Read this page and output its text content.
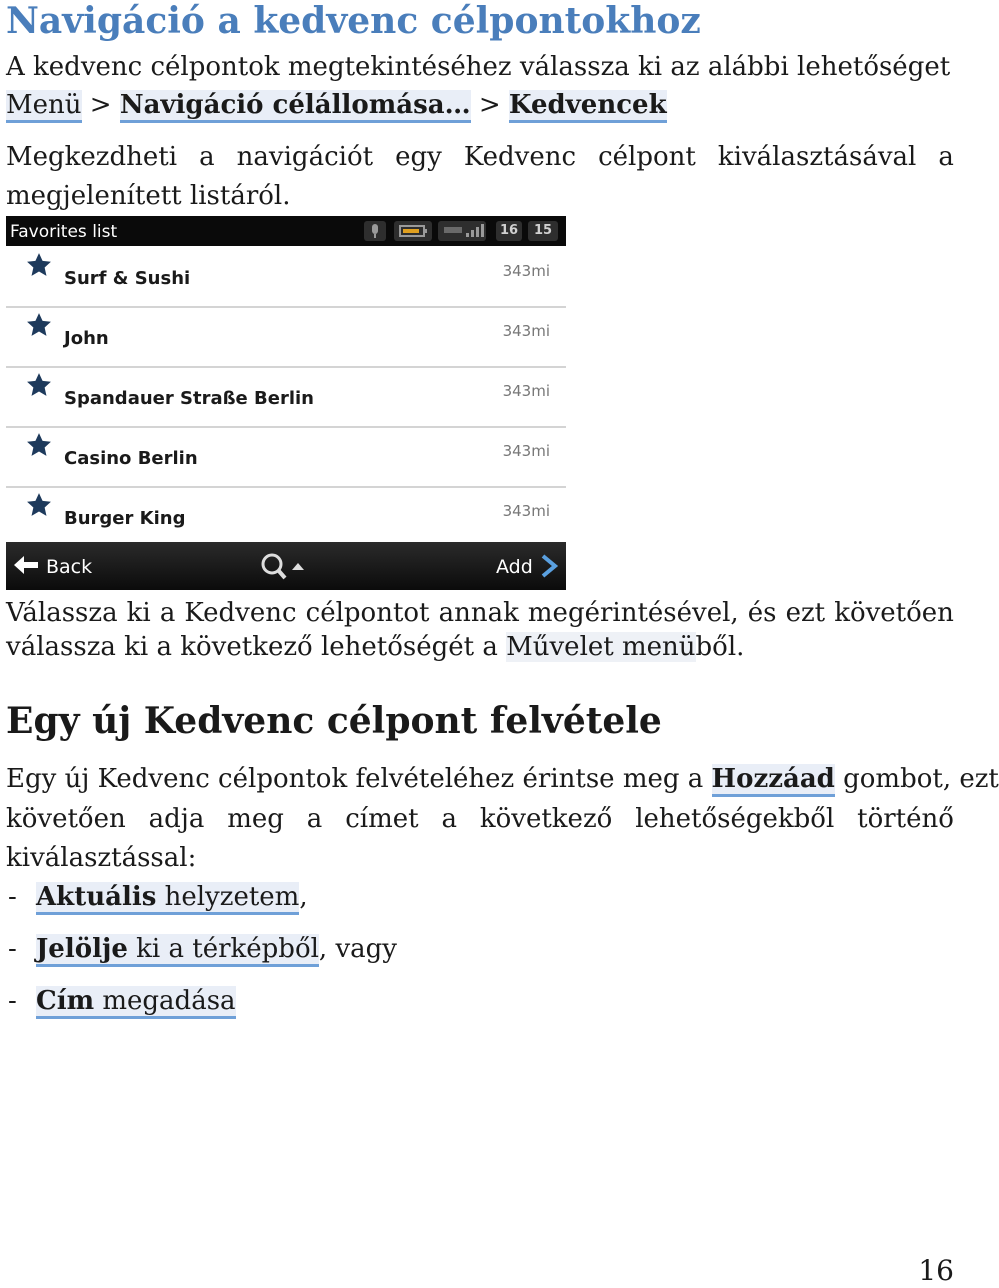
Navigáció a kedvenc célpontokhoz
A kedvenc célpontok megtekintéséhez válassza ki az alábbi lehetőséget
Menü > Navigáció célállomása… > Kedvencek
Megkezdheti a navigációt egy Kedvenc célpont kiválasztásával a
megjelenített listáról.
Favorites list	16	15
Surf & Sushi	343mi
John	343mi
Spandauer Straße Berlin	343mi
Casino Berlin	343mi
Burger King	343mi
Back	Add
Válassza ki a Kedvenc célpontot annak megérintésével, és ezt követően
válassza ki a következő lehetőségét a Művelet menüből.
Egy új Kedvenc célpont felvétele
Egy új Kedvenc célpontok felvételéhez érintse meg a Hozzáad gombot, ezt
követően adja meg a címet a következő lehetőségekből történő
kiválasztással:
- Aktuális helyzetem,
- Jelölje ki a térképből, vagy
- Cím megadása
16
